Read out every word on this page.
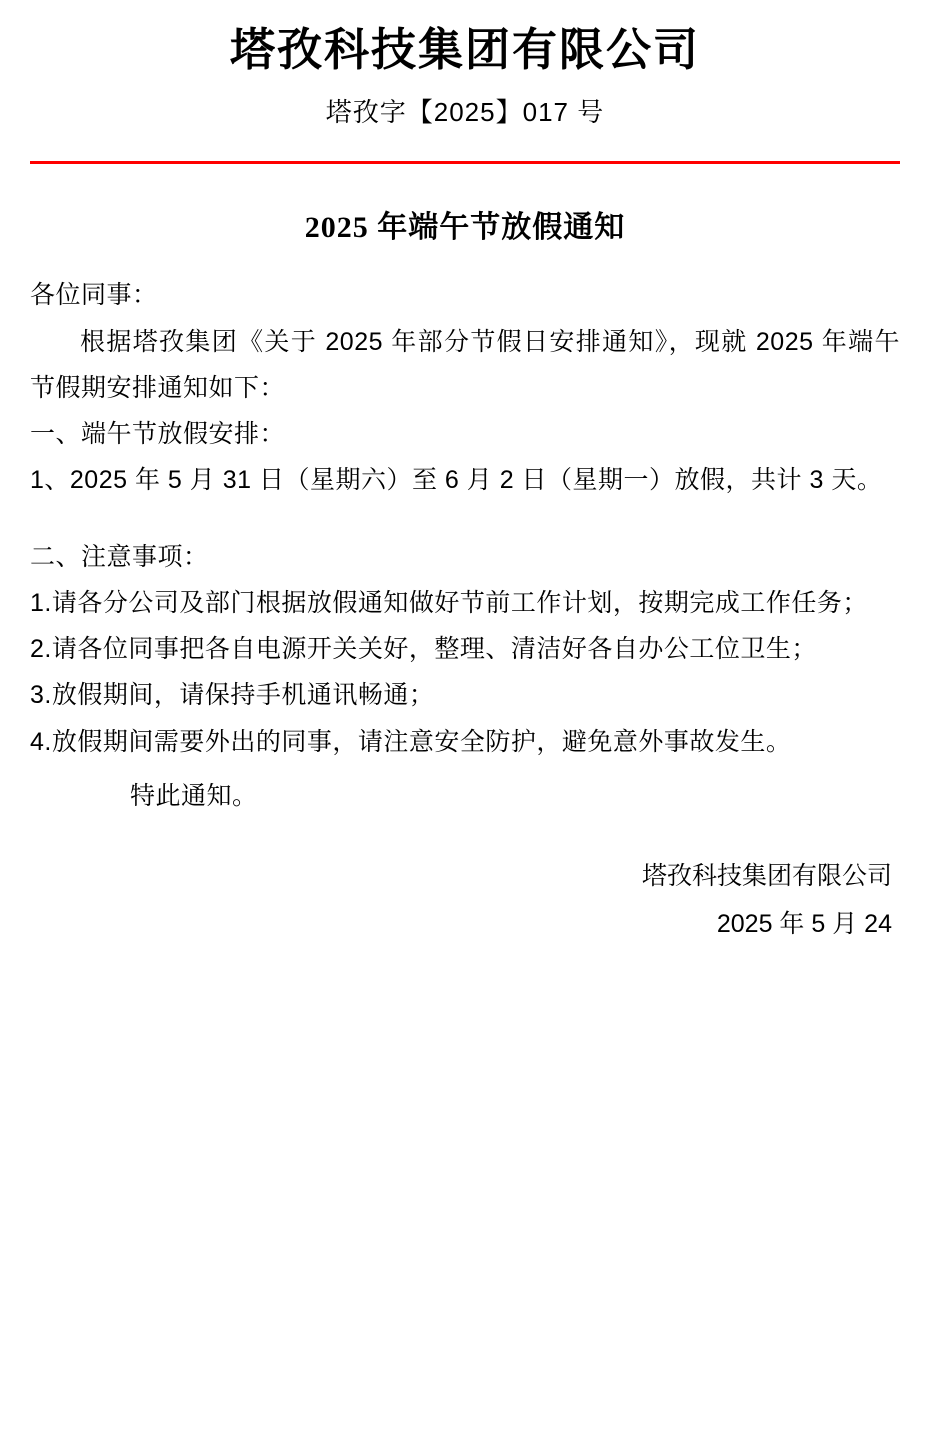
塔孜科技集团有限公司
塔孜字【2025】017 号
2025 年端午节放假通知

各位同事：

根据塔孜集团《关于 2025 年部分节假日安排通知》，现就 2025 年端午节假期安排通知如下：

一、端午节放假安排：

1、2025 年 5 月 31 日（星期六）至 6 月 2 日（星期一）放假，共计 3 天。

二、注意事项：

1.请各分公司及部门根据放假通知做好节前工作计划，按期完成工作任务；

2.请各位同事把各自电源开关关好，整理、清洁好各自办公工位卫生；

3.放假期间，请保持手机通讯畅通；

4.放假期间需要外出的同事，请注意安全防护，避免意外事故发生。

特此通知。

塔孜科技集团有限公司
2025 年 5 月 24
